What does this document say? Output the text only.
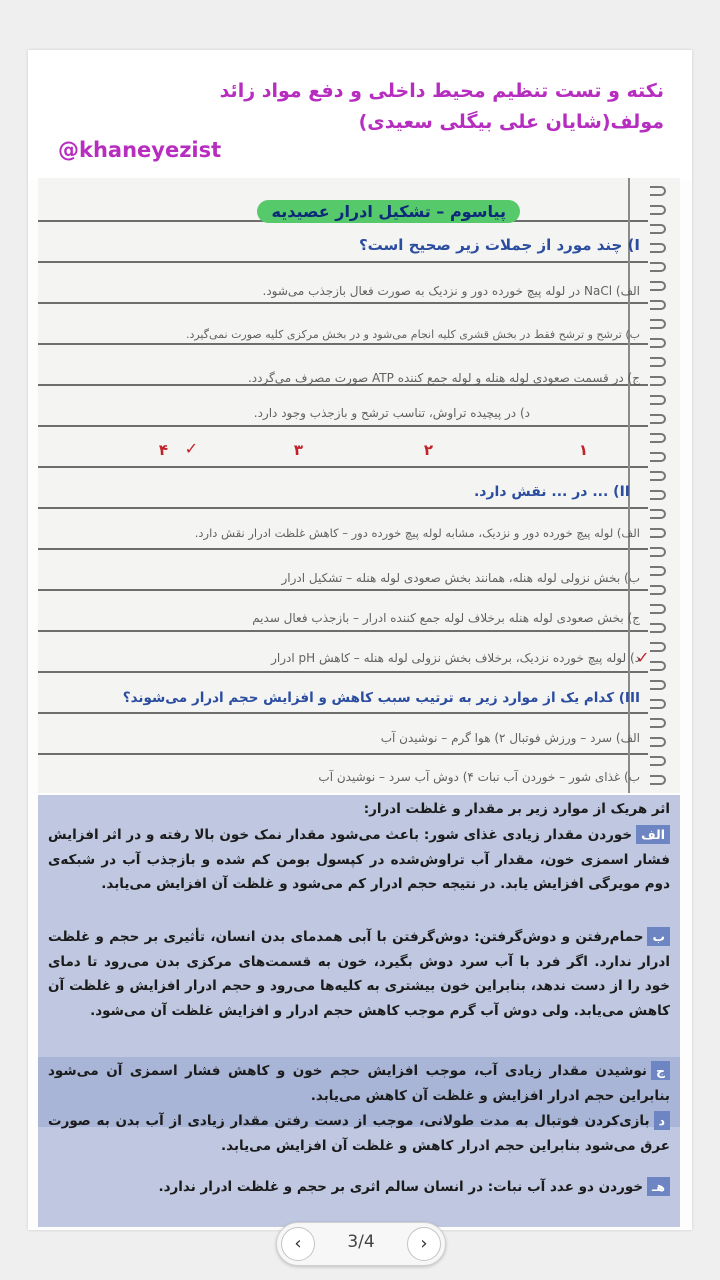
نکته و تست تنظیم محیط داخلی و دفع مواد زائد
مولف(شایان علی بیگلی سعیدی)
@khaneyezist
پیاسوم – تشکیل ادرار عصیدیه
I) چند مورد از جملات زیر صحیح است؟
الف) NaCl در لوله پیچ خورده دور و نزدیک به صورت فعال بازجذب می‌شود.
ب) ترشح و ترشح فقط در بخش قشری کلیه انجام می‌شود و در بخش مرکزی کلیه صورت نمی‌گیرد.
ج) در قسمت صعودی لوله هنله و لوله جمع کننده ATP صورت مصرف می‌گردد.
د) در پیچیده تراوش، تناسب ترشح و بازجذب وجود دارد.
۱
۲
۳
۴ ✓
II) ... در ... نقش دارد.
الف) لوله پیچ خورده دور و نزدیک، مشابه لوله پیچ خورده دور – کاهش غلظت ادرار نقش دارد.
ب) بخش نزولی لوله هنله، همانند بخش صعودی لوله هنله – تشکیل ادرار
ج) بخش صعودی لوله هنله برخلاف لوله جمع کننده ادرار – بازجذب فعال سدیم
د) لوله پیچ خورده نزدیک، برخلاف بخش نزولی لوله هنله – کاهش pH ادرار
✓
III) کدام یک از موارد زیر به ترتیب سبب کاهش و افزایش حجم ادرار می‌شوند؟
الف) سرد – ورزش فوتبال ۲) هوا گرم – نوشیدن آب
ب) غذای شور – خوردن آب نبات ۴) دوش آب سرد – نوشیدن آب
اثر هریک از موارد زیر بر مقدار و غلظت ادرار:
الفخوردن مقدار زیادی غذای شور: باعث می‌شود مقدار نمک خون بالا رفته و در اثر افزایش فشار اسمزی خون، مقدار آب تراوش‌شده در کپسول بومن کم شده و بازجذب آب در شبکه‌ی دوم مویرگی افزایش یابد. در نتیجه حجم ادرار کم می‌شود و غلظت آن افزایش می‌یابد.
بحمام‌رفتن و دوش‌گرفتن: دوش‌گرفتن با آبی همدمای بدن انسان، تأثیری بر حجم و غلظت ادرار ندارد. اگر فرد با آب سرد دوش بگیرد، خون به قسمت‌های مرکزی بدن می‌رود تا دمای خود را از دست ندهد، بنابراین خون بیشتری به کلیه‌ها می‌رود و حجم ادرار افزایش و غلظت آن کاهش می‌یابد. ولی دوش آب گرم موجب کاهش حجم ادرار و افزایش غلظت آن می‌شود.
جنوشیدن مقدار زیادی آب، موجب افزایش حجم خون و کاهش فشار اسمزی آن می‌شود بنابراین حجم ادرار افزایش و غلظت آن کاهش می‌یابد.
دبازی‌کردن فوتبال به مدت طولانی، موجب از دست رفتن مقدار زیادی از آب بدن به صورت عرق می‌شود بنابراین حجم ادرار کاهش و غلظت آن افزایش می‌یابد.
هـخوردن دو عدد آب نبات: در انسان سالم اثری بر حجم و غلظت ادرار ندارد.
‹	3/4	›
